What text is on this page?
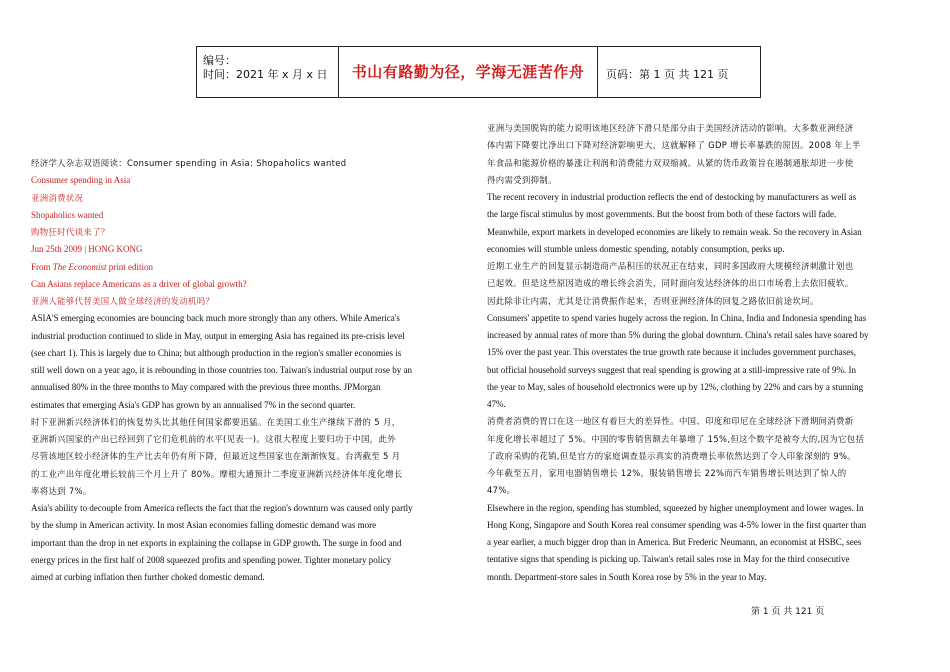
编号：
时间：2021 年 x 月 x 日	书山有路勤为径，学海无涯苦作舟	页码：第 1 页 共 121 页
经济学人杂志双语阅读：Consumer spending in Asia: Shopaholics wanted
Consumer spending in Asia
亚洲消费状况
Shopaholics wanted
购物狂时代谈来了？
Jun 25th 2009 | HONG KONG
From The Economist print edition
Can Asians replace Americans as a driver of global growth?
亚洲人能够代替美国人做全球经济的发动机吗？
ASIA'S emerging economies are bouncing back much more strongly than any others. While America's
industrial production continued to slide in May, output in emerging Asia has regained its pre-crisis level
(see chart 1). This is largely due to China; but although production in the region's smaller economies is
still well down on a year ago, it is rebounding in those countries too. Taiwan's industrial output rose by an
annualised 80% in the three months to May compared with the previous three months. JPMorgan
estimates that emerging Asia's GDP has grown by an annualised 7% in the second quarter.
时下亚洲新兴经济体们的恢复势头比其他任何国家都要迅猛。在美国工业生产继续下滑的 5 月，
亚洲新兴国家的产出已经回到了它们危机前的水平(见表一)。这很大程度上要归功于中国，此外
尽管该地区较小经济体的生产比去年仍有所下降，但最近这些国家也在渐渐恢复。台湾截至 5 月
的工业产出年度化增长较前三个月上升了 80%。摩根大通预计二季度亚洲新兴经济体年度化增长
率将达到 7%。
Asia's ability to decouple from America reflects the fact that the region's downturn was caused only partly
by the slump in American activity. In most Asian economies falling domestic demand was more
important than the drop in net exports in explaining the collapse in GDP growth. The surge in food and
energy prices in the first half of 2008 squeezed profits and spending power. Tighter monetary policy
aimed at curbing inflation then further choked domestic demand.
亚洲与美国脱钩的能力说明该地区经济下滑只是部分由于美国经济活动的影响。大多数亚洲经济
体内需下降要比净出口下降对经济影响更大，这就解释了 GDP 增长率暴跌的原因。2008 年上半
年食品和能源价格的暴涨让利润和消费能力双双缩减。从紧的货币政策旨在遏制通胀却进一步使
得内需受到抑制。
The recent recovery in industrial production reflects the end of destocking by manufacturers as well as
the large fiscal stimulus by most governments. But the boost from both of these factors will fade.
Meanwhile, export markets in developed economies are likely to remain weak. So the recovery in Asian
economies will stumble unless domestic spending, notably consumption, perks up.
近期工业生产的回复显示制造商产品积压的状况正在结束，同时多国政府大规模经济刺激计划也
已起效。但是这些原因造成的增长终会消失，同时面向发达经济体的出口市场看上去依旧疲软。
因此除非让内需，尤其是让消费振作起来，否则亚洲经济体的回复之路依旧前途坎坷。
Consumers' appetite to spend varies hugely across the region. In China, India and Indonesia spending has
increased by annual rates of more than 5% during the global downturn. China's retail sales have soared by
15% over the past year. This overstates the true growth rate because it includes government purchases,
but official household surveys suggest that real spending is growing at a still-impressive rate of 9%. In
the year to May, sales of household electronics were up by 12%, clothing by 22% and cars by a stunning
47%.
消费者消费的胃口在这一地区有着巨大的差异性。中国、印度和印尼在全球经济下滑期间消费新
年度化增长率超过了 5%。中国的零售销售额去年暴增了 15%,但这个数字是被夸大的,因为它包括
了政府采购的花销,但是官方的家庭调查显示真实的消费增长率依然达到了令人印象深刻的 9%。
今年截至五月，家用电器销售增长 12%，服装销售增长 22%而汽车销售增长则达到了惊人的
47%。
Elsewhere in the region, spending has stumbled, squeezed by higher unemployment and lower wages. In
Hong Kong, Singapore and South Korea real consumer spending was 4-5% lower in the first quarter than
a year earlier, a much bigger drop than in America. But Frederic Neumann, an economist at HSBC, sees
tentative signs that spending is picking up. Taiwan's retail sales rose in May for the third consecutive
month. Department-store sales in South Korea rose by 5% in the year to May.
第 1 页 共 121 页
